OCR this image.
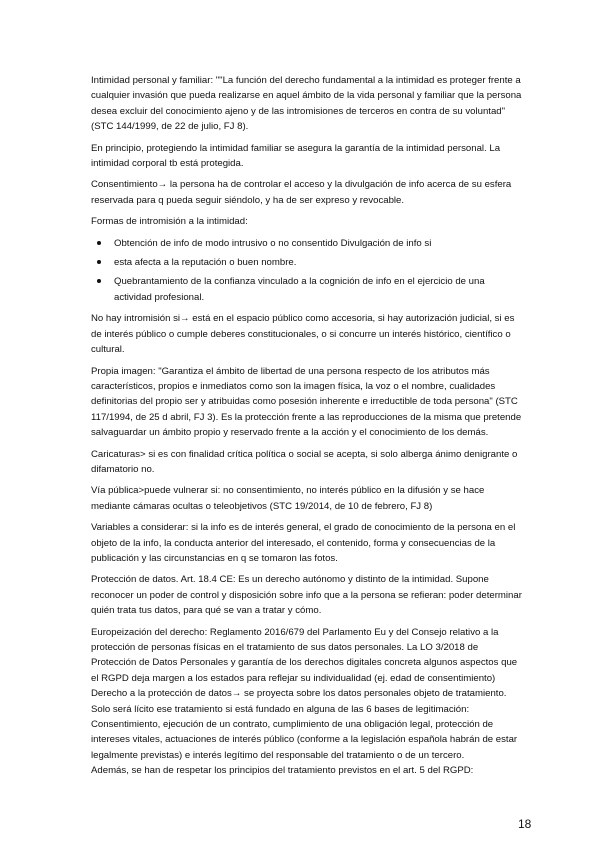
Intimidad personal y familiar: ""La función del derecho fundamental a la intimidad es proteger frente a cualquier invasión que pueda realizarse en aquel ámbito de la vida personal y familiar que la persona desea excluir del conocimiento ajeno y de las intromisiones de terceros en contra de su voluntad" (STC 144/1999, de 22 de julio, FJ 8).

En principio, protegiendo la intimidad familiar se asegura la garantía de la intimidad personal. La intimidad corporal tb está protegida.

Consentimiento→ la persona ha de controlar el acceso y la divulgación de info acerca de su esfera reservada para q pueda seguir siéndolo, y ha de ser expreso y revocable.

Formas de intromisión a la intimidad:

Obtención de info de modo intrusivo o no consentido Divulgación de info si
esta afecta a la reputación o buen nombre.
Quebrantamiento de la confianza vinculado a la cognición de info en el ejercicio de una actividad profesional.

No hay intromisión si→ está en el espacio público como accesoria, si hay autorización judicial, si es de interés público o cumple deberes constitucionales, o si concurre un interés histórico, científico o cultural.

Propia imagen: "Garantiza el ámbito de libertad de una persona respecto de los atributos más característicos, propios e inmediatos como son la imagen física, la voz o el nombre, cualidades definitorias del propio ser y atribuidas como posesión inherente e irreductible de toda persona" (STC 117/1994, de 25 d abril, FJ 3). Es la protección frente a las reproducciones de la misma que pretende salvaguardar un ámbito propio y reservado frente a la acción y el conocimiento de los demás.

Caricaturas> si es con finalidad crítica política o social se acepta, si solo alberga ánimo denigrante o difamatorio no.

Vía pública>puede vulnerar si: no consentimiento, no interés público en la difusión y se hace mediante cámaras ocultas o teleobjetivos (STC 19/2014, de 10 de febrero, FJ 8)

Variables a considerar: si la info es de interés general, el grado de conocimiento de la persona en el objeto de la info, la conducta anterior del interesado, el contenido, forma y consecuencias de la publicación y las circunstancias en q se tomaron las fotos.

Protección de datos. Art. 18.4 CE: Es un derecho autónomo y distinto de la intimidad. Supone reconocer un poder de control y disposición sobre info que a la persona se refieran: poder determinar quién trata tus datos, para qué se van a tratar y cómo.

Europeización del derecho: Reglamento 2016/679 del Parlamento Eu y del Consejo relativo a la protección de personas físicas en el tratamiento de sus datos personales. La LO 3/2018 de Protección de Datos Personales y garantía de los derechos digitales concreta algunos aspectos que el RGPD deja margen a los estados para reflejar su individualidad (ej. edad de consentimiento) Derecho a la protección de datos→ se proyecta sobre los datos personales objeto de tratamiento. Solo será lícito ese tratamiento si está fundado en alguna de las 6 bases de legitimación: Consentimiento, ejecución de un contrato, cumplimiento de una obligación legal, protección de intereses vitales, actuaciones de interés público (conforme a la legislación española habrán de estar legalmente previstas) e interés legítimo del responsable del tratamiento o de un tercero.

Además, se han de respetar los principios del tratamiento previstos en el art. 5 del RGPD:

18
